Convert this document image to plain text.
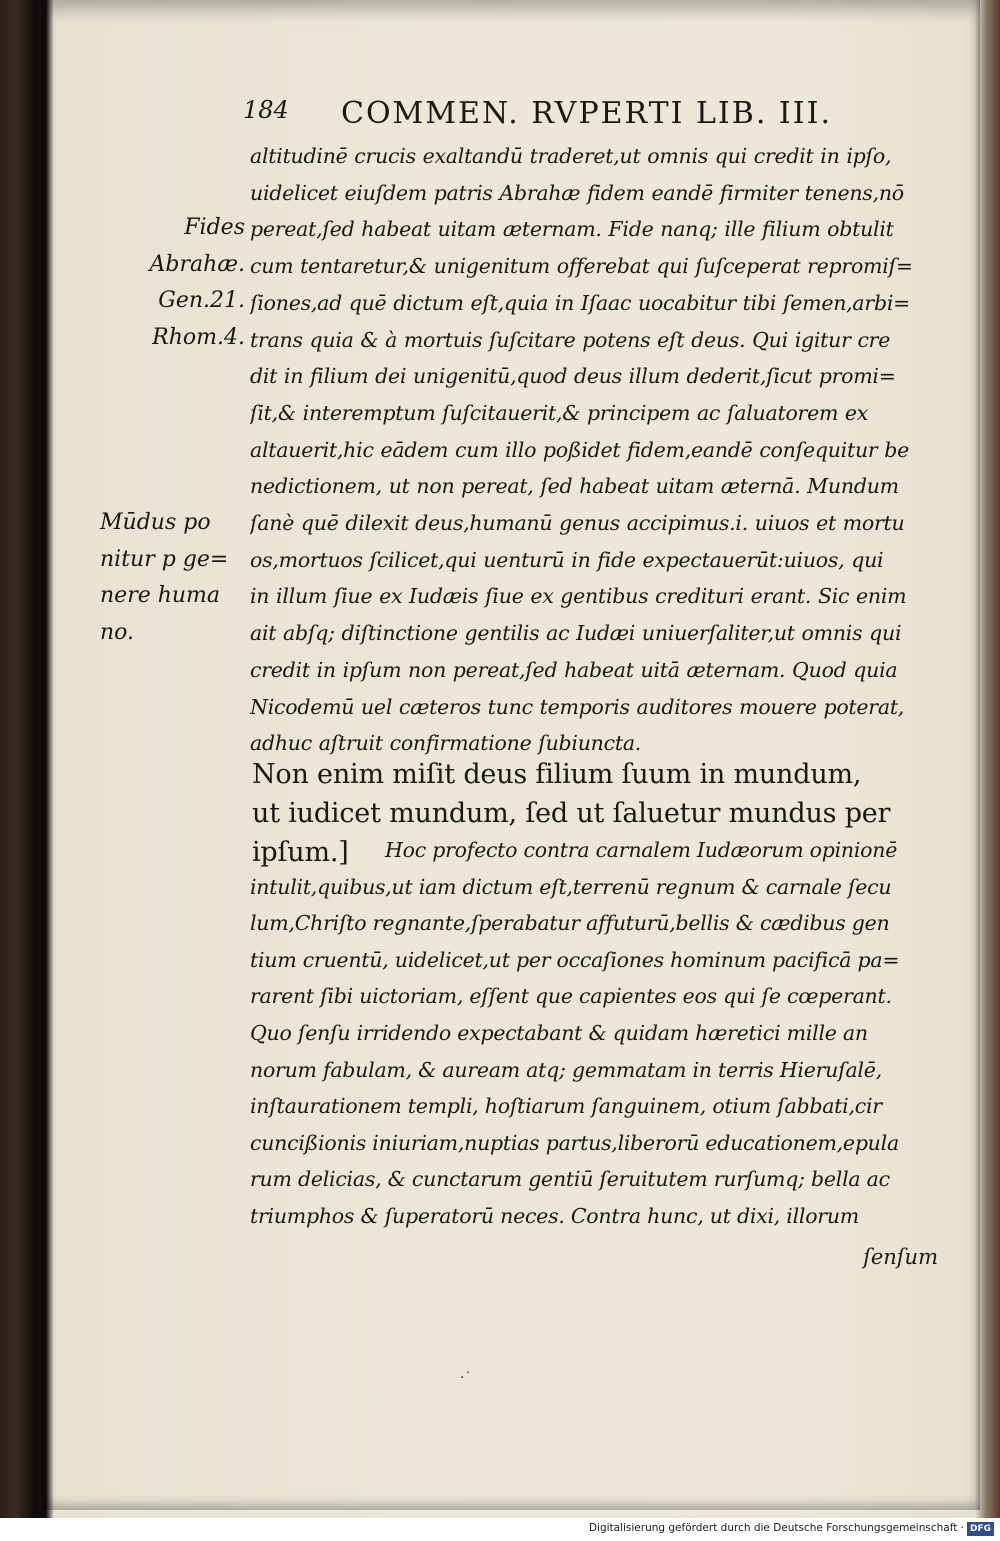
184 COMMEN. RVPERTI LIB. III.
Fides
Abrahæ.
Gen.21.
Rhom.4.
Mūdus po
nitur p ge=
nere huma
no.
altitudinē crucis exaltandū traderet,ut omnis qui credit in ipſo,
uidelicet eiuſdem patris Abrahæ fidem eandē firmiter tenens,nō
pereat,ſed habeat uitam æternam. Fide nanq; ille filium obtulit
cum tentaretur,& unigenitum offerebat qui ſuſceperat repromiſ=
ſiones,ad quē dictum eſt,quia in Iſaac uocabitur tibi ſemen,arbi=
trans quia & à mortuis ſuſcitare potens eſt deus. Qui igitur cre
dit in filium dei unigenitū,quod deus illum dederit,ſicut promi=
ſit,& interemptum ſuſcitauerit,& principem ac ſaluatorem ex
altauerit,hic eādem cum illo poßidet fidem,eandē conſequitur be
nedictionem, ut non pereat, ſed habeat uitam æternā. Mundum
ſanè quē dilexit deus,humanū genus accipimus.i. uiuos et mortu
os,mortuos ſcilicet,qui uenturū in fide expectauerūt:uiuos, qui
in illum ſiue ex Iudæis ſiue ex gentibus credituri erant. Sic enim
ait abſq; diſtinctione gentilis ac Iudæi uniuerſaliter,ut omnis qui
credit in ipſum non pereat,ſed habeat uitā æternam. Quod quia
Nicodemū uel cæteros tunc temporis auditores mouere poterat,
adhuc aſtruit confirmatione ſubiuncta.
Non enim miſit deus filium ſuum in mundum,
ut iudicet mundum, ſed ut ſaluetur mundus per
ipſum.]	Hoc profecto contra carnalem Iudæorum opinionē
intulit,quibus,ut iam dictum eſt,terrenū regnum & carnale ſecu
lum,Chriſto regnante,ſperabatur affuturū,bellis & cædibus gen
tium cruentū, uidelicet,ut per occaſiones hominum pacificā pa=
rarent ſibi uictoriam, eſſent que capientes eos qui ſe cœperant.
Quo ſenſu irridendo expectabant & quidam hæretici mille an
norum fabulam, & auream atq; gemmatam in terris Hieruſalē,
inſtaurationem templi, hoſtiarum ſanguinem, otium ſabbati,cir
cuncißionis iniuriam,nuptias partus,liberorū educationem,epula
rum delicias, & cunctarum gentiū ſeruitutem rurſumq; bella ac
triumphos & ſuperatorū neces. Contra hunc, ut dixi, illorum
ſenſum
·˙
Digitalisierung gefördert durch die Deutsche Forschungsgemeinschaft · DFG
